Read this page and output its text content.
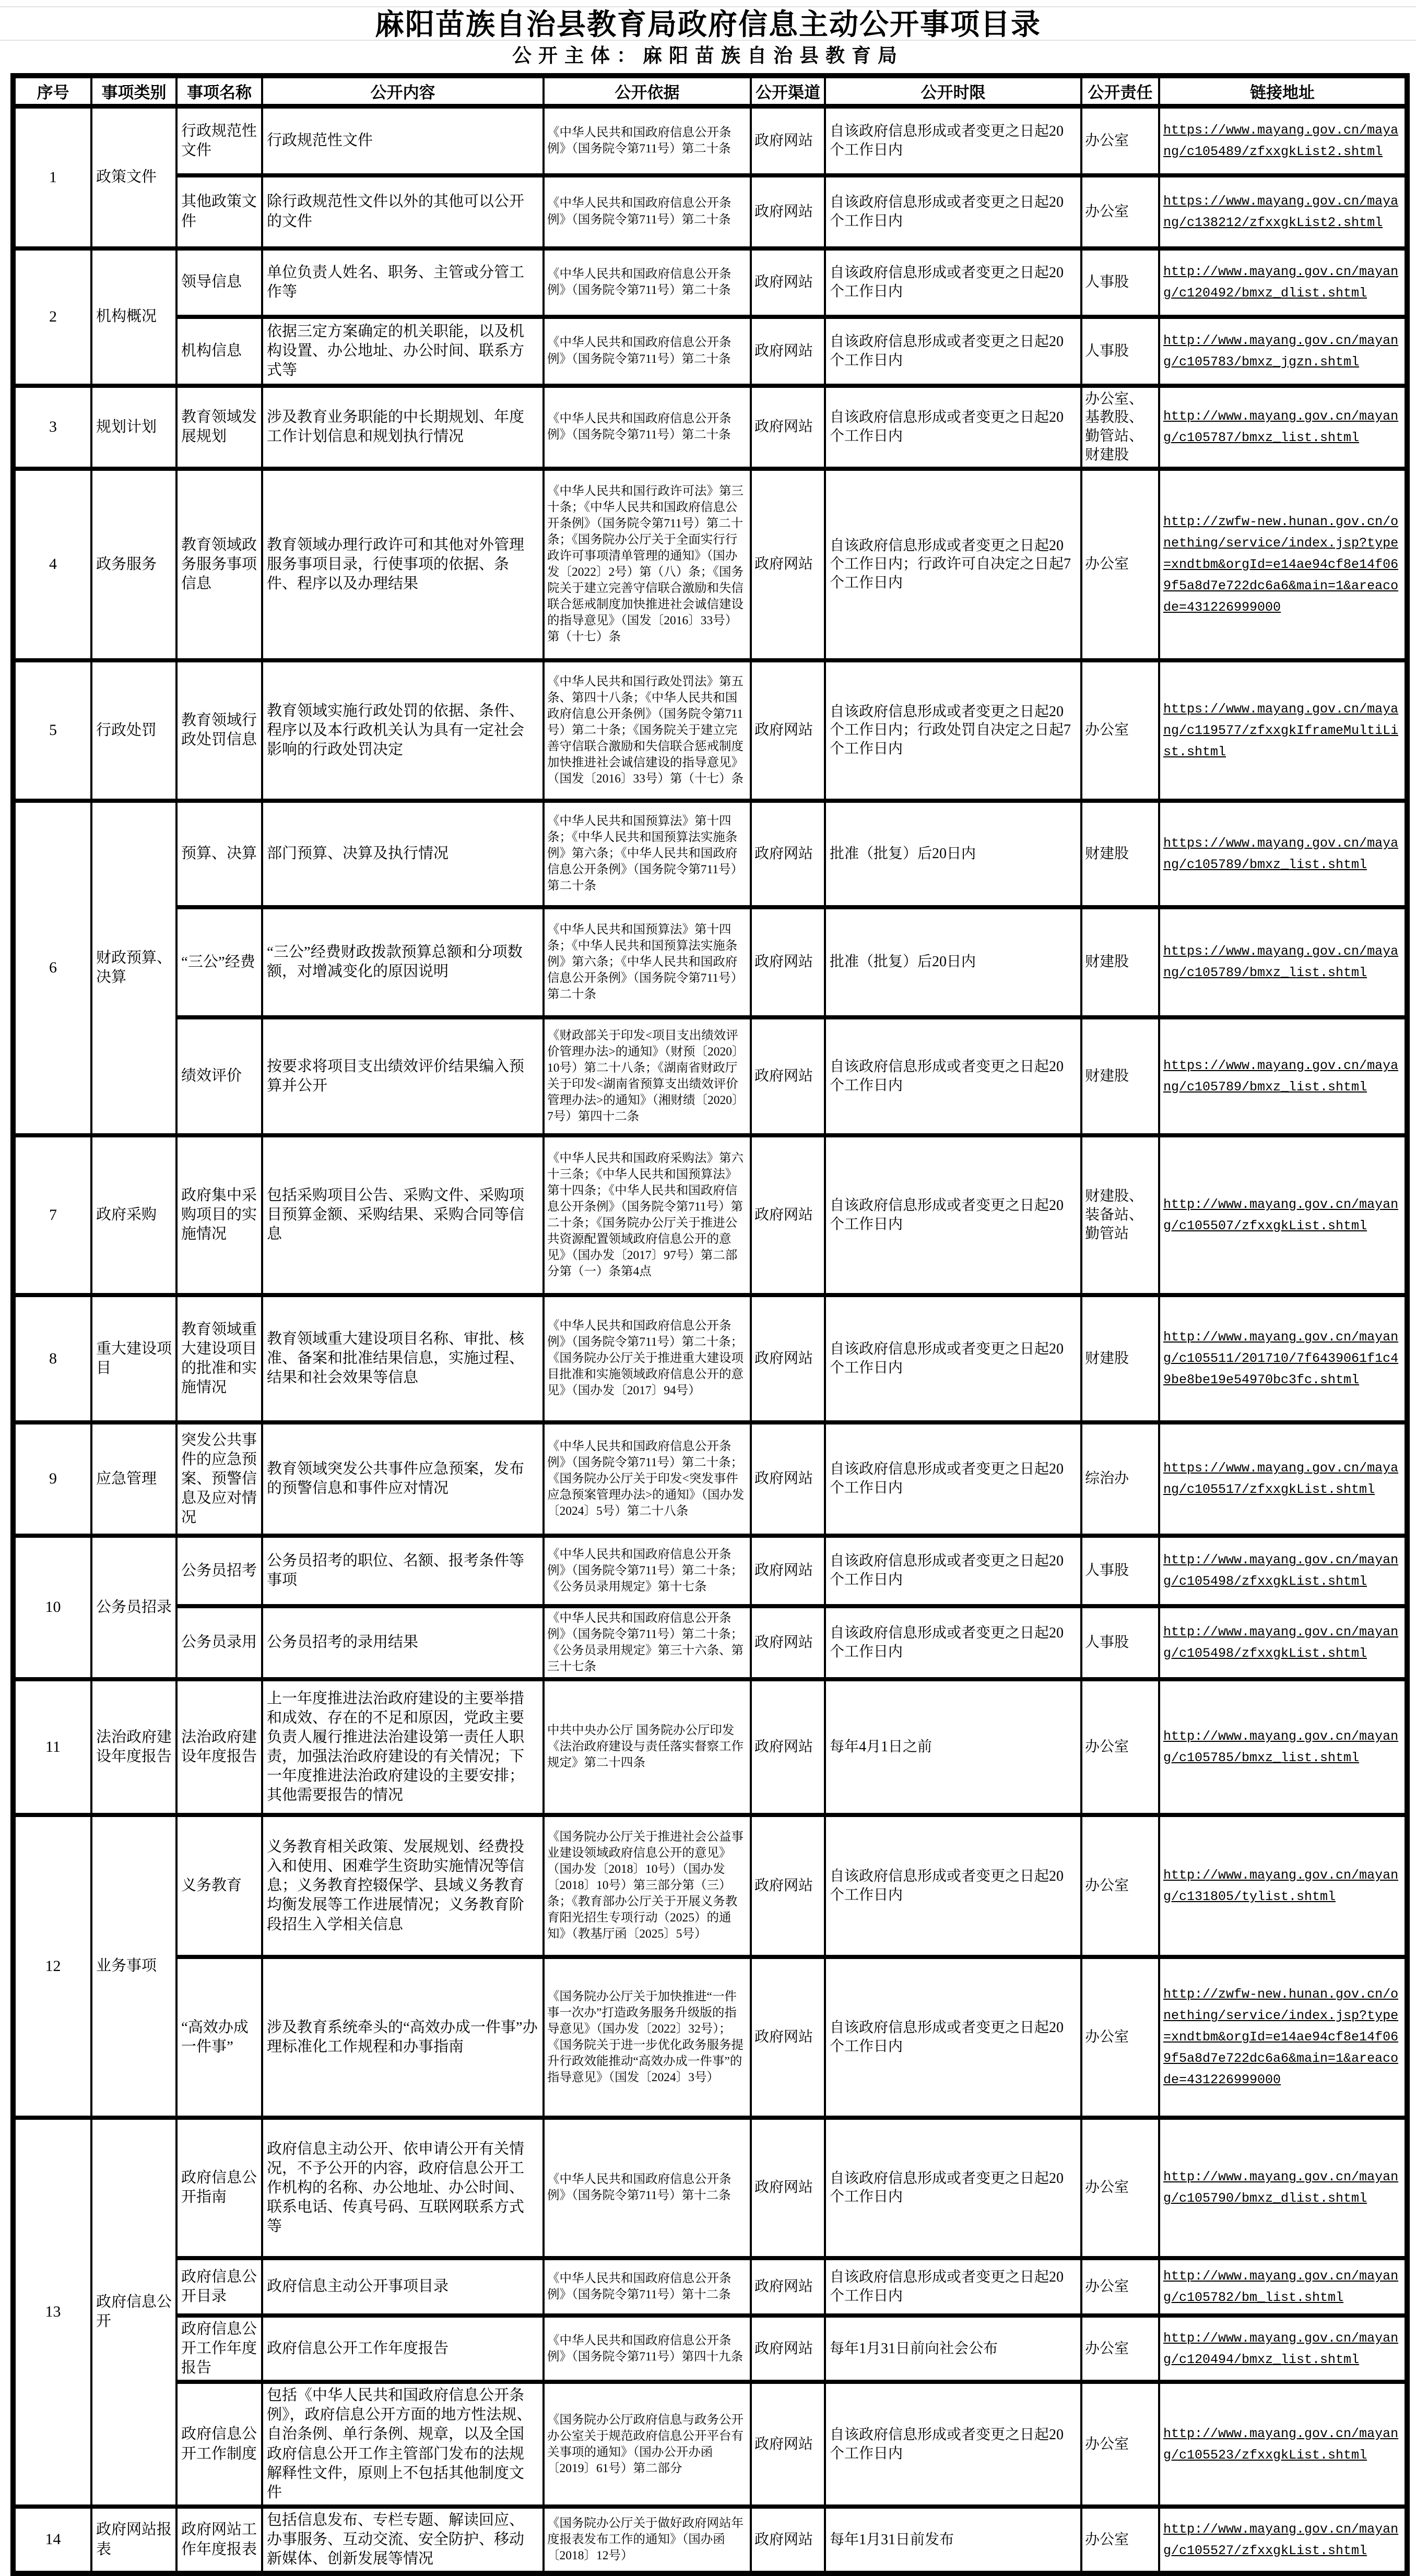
麻阳苗族自治县教育局政府信息主动公开事项目录
公开主体：麻阳苗族自治县教育局
序号	事项类别	事项名称	公开内容	公开依据	公开渠道	公开时限	公开责任	链接地址
1	政策文件	行政规范性文件	行政规范性文件	《中华人民共和国政府信息公开条例》（国务院令第711号）第二十条	政府网站	自该政府信息形成或者变更之日起20个工作日内	办公室	https://www.mayang.gov.cn/mayang/c105489/zfxxgkList2.shtml
		其他政策文件	除行政规范性文件以外的其他可以公开的文件	《中华人民共和国政府信息公开条例》（国务院令第711号）第二十条	政府网站	自该政府信息形成或者变更之日起20个工作日内	办公室	https://www.mayang.gov.cn/mayang/c138212/zfxxgkList2.shtml
2	机构概况	领导信息	单位负责人姓名、职务、主管或分管工作等	《中华人民共和国政府信息公开条例》（国务院令第711号）第二十条	政府网站	自该政府信息形成或者变更之日起20个工作日内	人事股	http://www.mayang.gov.cn/mayang/c120492/bmxz_dlist.shtml
		机构信息	依据三定方案确定的机关职能，以及机构设置、办公地址、办公时间、联系方式等	《中华人民共和国政府信息公开条例》（国务院令第711号）第二十条	政府网站	自该政府信息形成或者变更之日起20个工作日内	人事股	http://www.mayang.gov.cn/mayang/c105783/bmxz_jgzn.shtml
3	规划计划	教育领域发展规划	涉及教育业务职能的中长期规划、年度工作计划信息和规划执行情况	《中华人民共和国政府信息公开条例》（国务院令第711号）第二十条	政府网站	自该政府信息形成或者变更之日起20个工作日内	办公室、基教股、勤管站、财建股	http://www.mayang.gov.cn/mayang/c105787/bmxz_list.shtml
4	政务服务	教育领域政务服务事项信息	教育领域办理行政许可和其他对外管理服务事项目录，行使事项的依据、条件、程序以及办理结果	《中华人民共和国行政许可法》第三十条；《中华人民共和国政府信息公开条例》（国务院令第711号）第二十条；《国务院办公厅关于全面实行行政许可事项清单管理的通知》（国办发〔2022〕2号）第（八）条；《国务院关于建立完善守信联合激励和失信联合惩戒制度加快推进社会诚信建设的指导意见》（国发〔2016〕33号）第（十七）条	政府网站	自该政府信息形成或者变更之日起20个工作日内；行政许可自决定之日起7个工作日内	办公室	http://zwfw-new.hunan.gov.cn/onething/service/index.jsp?type=xndtbm&orgId=e14ae94cf8e14f069f5a8d7e722dc6a6&main=1&areacode=431226999000
5	行政处罚	教育领域行政处罚信息	教育领域实施行政处罚的依据、条件、程序以及本行政机关认为具有一定社会影响的行政处罚决定	《中华人民共和国行政处罚法》第五条、第四十八条；《中华人民共和国政府信息公开条例》（国务院令第711号）第二十条；《国务院关于建立完善守信联合激励和失信联合惩戒制度加快推进社会诚信建设的指导意见》（国发〔2016〕33号）第（十七）条	政府网站	自该政府信息形成或者变更之日起20个工作日内；行政处罚自决定之日起7个工作日内	办公室	https://www.mayang.gov.cn/mayang/c119577/zfxxgkIframeMultiList.shtml
6	财政预算、决算	预算、决算	部门预算、决算及执行情况	《中华人民共和国预算法》第十四条；《中华人民共和国预算法实施条例》第六条；《中华人民共和国政府信息公开条例》（国务院令第711号）第二十条	政府网站	批准（批复）后20日内	财建股	https://www.mayang.gov.cn/mayang/c105789/bmxz_list.shtml
		“三公”经费	“三公”经费财政拨款预算总额和分项数额，对增减变化的原因说明	《中华人民共和国预算法》第十四条；《中华人民共和国预算法实施条例》第六条；《中华人民共和国政府信息公开条例》（国务院令第711号）第二十条	政府网站	批准（批复）后20日内	财建股	https://www.mayang.gov.cn/mayang/c105789/bmxz_list.shtml
		绩效评价	按要求将项目支出绩效评价结果编入预算并公开	《财政部关于印发<项目支出绩效评价管理办法>的通知》（财预〔2020〕10号）第二十八条；《湖南省财政厅关于印发<湖南省预算支出绩效评价管理办法>的通知》（湘财绩〔2020〕7号）第四十二条	政府网站	自该政府信息形成或者变更之日起20个工作日内	财建股	https://www.mayang.gov.cn/mayang/c105789/bmxz_list.shtml
7	政府采购	政府集中采购项目的实施情况	包括采购项目公告、采购文件、采购项目预算金额、采购结果、采购合同等信息	《中华人民共和国政府采购法》第六十三条；《中华人民共和国预算法》第十四条；《中华人民共和国政府信息公开条例》（国务院令第711号）第二十条；《国务院办公厅关于推进公共资源配置领域政府信息公开的意见》（国办发〔2017〕97号）第二部分第（一）条第4点	政府网站	自该政府信息形成或者变更之日起20个工作日内	财建股、装备站、勤管站	http://www.mayang.gov.cn/mayang/c105507/zfxxgkList.shtml
8	重大建设项目	教育领域重大建设项目的批准和实施情况	教育领域重大建设项目名称、审批、核准、备案和批准结果信息，实施过程、结果和社会效果等信息	《中华人民共和国政府信息公开条例》（国务院令第711号）第二十条；《国务院办公厅关于推进重大建设项目批准和实施领域政府信息公开的意见》（国办发〔2017〕94号）	政府网站	自该政府信息形成或者变更之日起20个工作日内	财建股	http://www.mayang.gov.cn/mayang/c105511/201710/7f6439061f1c49be8be19e54970bc3fc.shtml
9	应急管理	突发公共事件的应急预案、预警信息及应对情况	教育领域突发公共事件应急预案，发布的预警信息和事件应对情况	《中华人民共和国政府信息公开条例》（国务院令第711号）第二十条；《国务院办公厅关于印发<突发事件应急预案管理办法>的通知》（国办发〔2024〕5号）第二十八条	政府网站	自该政府信息形成或者变更之日起20个工作日内	综治办	https://www.mayang.gov.cn/mayang/c105517/zfxxgkList.shtml
10	公务员招录	公务员招考	公务员招考的职位、名额、报考条件等事项	《中华人民共和国政府信息公开条例》（国务院令第711号）第二十条；《公务员录用规定》第十七条	政府网站	自该政府信息形成或者变更之日起20个工作日内	人事股	http://www.mayang.gov.cn/mayang/c105498/zfxxgkList.shtml
		公务员录用	公务员招考的录用结果	《中华人民共和国政府信息公开条例》（国务院令第711号）第二十条；《公务员录用规定》第三十六条、第三十七条	政府网站	自该政府信息形成或者变更之日起20个工作日内	人事股	http://www.mayang.gov.cn/mayang/c105498/zfxxgkList.shtml
11	法治政府建设年度报告	法治政府建设年度报告	上一年度推进法治政府建设的主要举措和成效、存在的不足和原因，党政主要负责人履行推进法治建设第一责任人职责，加强法治政府建设的有关情况；下一年度推进法治政府建设的主要安排；其他需要报告的情况	中共中央办公厅 国务院办公厅印发《法治政府建设与责任落实督察工作规定》第二十四条	政府网站	每年4月1日之前	办公室	http://www.mayang.gov.cn/mayang/c105785/bmxz_list.shtml
12	业务事项	义务教育	义务教育相关政策、发展规划、经费投入和使用、困难学生资助实施情况等信息；义务教育控辍保学、县域义务教育均衡发展等工作进展情况；义务教育阶段招生入学相关信息	《国务院办公厅关于推进社会公益事业建设领域政府信息公开的意见》（国办发〔2018〕10号）（国办发〔2018〕10号）第三部分第（三）条；《教育部办公厅关于开展义务教育阳光招生专项行动（2025）的通知》（教基厅函〔2025〕5号）	政府网站	自该政府信息形成或者变更之日起20个工作日内	办公室	http://www.mayang.gov.cn/mayang/c131805/tylist.shtml
		“高效办成一件事”	涉及教育系统牵头的“高效办成一件事”办理标准化工作规程和办事指南	《国务院办公厅关于加快推进“一件事一次办”打造政务服务升级版的指导意见》（国办发〔2022〕32号）；《国务院关于进一步优化政务服务提升行政效能推动“高效办成一件事”的指导意见》（国发〔2024〕3号）	政府网站	自该政府信息形成或者变更之日起20个工作日内	办公室	http://zwfw-new.hunan.gov.cn/onething/service/index.jsp?type=xndtbm&orgId=e14ae94cf8e14f069f5a8d7e722dc6a6&main=1&areacode=431226999000
13	政府信息公开	政府信息公开指南	政府信息主动公开、依申请公开有关情况，不予公开的内容，政府信息公开工作机构的名称、办公地址、办公时间、联系电话、传真号码、互联网联系方式等	《中华人民共和国政府信息公开条例》（国务院令第711号）第十二条	政府网站	自该政府信息形成或者变更之日起20个工作日内	办公室	http://www.mayang.gov.cn/mayang/c105790/bmxz_dlist.shtml
		政府信息公开目录	政府信息主动公开事项目录	《中华人民共和国政府信息公开条例》（国务院令第711号）第十二条	政府网站	自该政府信息形成或者变更之日起20个工作日内	办公室	http://www.mayang.gov.cn/mayang/c105782/bm_list.shtml
		政府信息公开工作年度报告	政府信息公开工作年度报告	《中华人民共和国政府信息公开条例》（国务院令第711号）第四十九条	政府网站	每年1月31日前向社会公布	办公室	http://www.mayang.gov.cn/mayang/c120494/bmxz_list.shtml
		政府信息公开工作制度	包括《中华人民共和国政府信息公开条例》，政府信息公开方面的地方性法规、自治条例、单行条例、规章，以及全国政府信息公开工作主管部门发布的法规解释性文件，原则上不包括其他制度文件	《国务院办公厅政府信息与政务公开办公室关于规范政府信息公开平台有关事项的通知》（国办公开办函〔2019〕61号）第二部分	政府网站	自该政府信息形成或者变更之日起20个工作日内	办公室	http://www.mayang.gov.cn/mayang/c105523/zfxxgkList.shtml
14	政府网站报表	政府网站工作年度报表	包括信息发布、专栏专题、解读回应、办事服务、互动交流、安全防护、移动新媒体、创新发展等情况	《国务院办公厅关于做好政府网站年度报表发布工作的通知》（国办函〔2018〕12号）	政府网站	每年1月31日前发布	办公室	http://www.mayang.gov.cn/mayang/c105527/zfxxgkList.shtml
